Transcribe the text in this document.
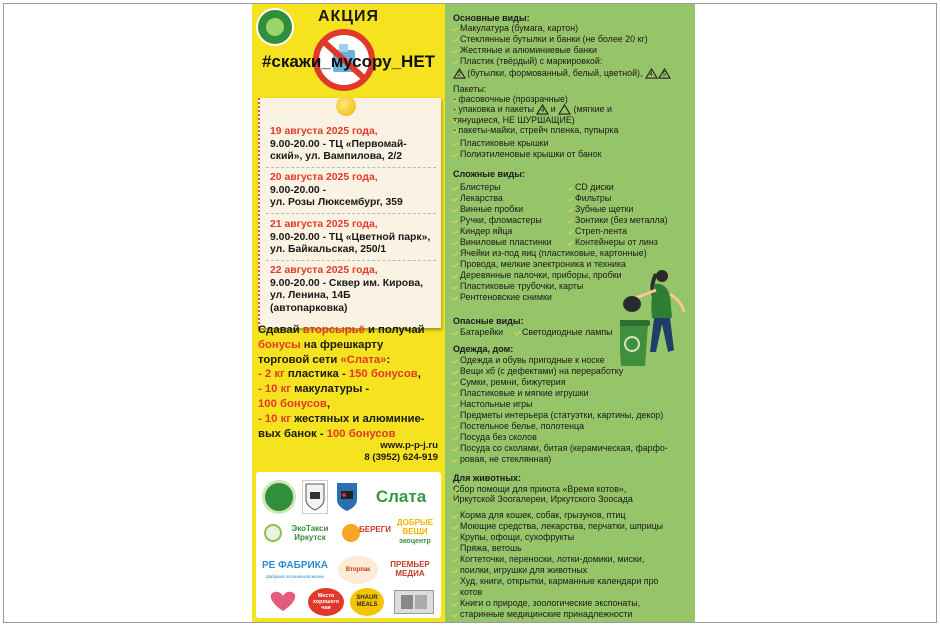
АКЦИЯ
#скажи_мусору_НЕТ
19 августа 2025 года,
9.00-20.00 - ТЦ «Первомай-
ский», ул. Вампилова, 2/2
20 августа 2025 года,
9.00-20.00 -
ул. Розы Люксембург, 359
21 августа 2025 года,
9.00-20.00 - ТЦ «Цветной парк»,
ул. Байкальская, 250/1
22 августа 2025 года,
9.00-20.00 - Сквер им. Кирова,
ул. Ленина, 14Б
(автопарковка)
Сдавай вторсырьё и получай
бонусы на фрешкарту
торговой сети «Слата»:
- 2 кг пластика - 150 бонусов,
- 10 кг макулатуры -
100 бонусов,
- 10 кг жестяных и алюминие-
вых банок - 100 бонусов
www.p-p-j.ru
8 (3952) 624-919
Слата
ЭкоТакси Иркутск
БЕРЕГИ
ДОБРЫЕ ВЕЩИ
экоцентр
РЕ ФАБРИКА
фабрика осознанной жизни
Вторпак
ПРЕМЬЕР МЕДИА
Место хорошего чая
SHAUR MEALS
Основные виды:
Макулатура (бумага, картон)
Стеклянные бутылки и банки (не более 20 кг)
Жестяные и алюминиевые банки
Пластик (твёрдый) с маркировкой:
2 (бутылки, формованный, белый, цветной), 4 5
Пакеты:
- фасовочные (прозрачные)
- упаковка и пакеты 4 и (мягкие и
тянущиеся, НЕ ШУРШАЩИЕ)
- пакеты-майки, стрейч пленка, пупырка
Пластиковые крышки
Полиэтиленовые крышки от банок
Сложные виды:
Блистеры
Лекарства
Винные пробки
Ручки, фломастеры
Киндер яйца
Виниловые пластинки
CD диски
Фильтры
Зубные щетки
Зонтики (без металла)
Стреп-лента
Контейнеры от линз
Ячейки из-под яиц (пластиковые, картонные)
Провода, мелкие электроника и техника
Деревянные палочки, приборы, пробки
Пластиковые трубочки, карты
Рентгеновские снимки
Опасные виды:
Батарейки	Светодиодные лампы
Одежда, дом:
Одежда и обувь пригодные к носке
Вещи хб (с дефектами) на переработку
Сумки, ремни, бижутерия
Пластиковые и мягкие игрушки
Настольные игры
Предметы интерьера (статуэтки, картины, декор)
Постельное белье, полотенца
Посуда без сколов
Посуда со сколами, битая (керамическая, фарфо-
ровая, не стеклянная)
Для животных:
Сбор помощи для приюта «Время котов»,
Иркутской Зоогалереи, Иркутского Зоосада
Корма для кошек, собак, грызунов, птиц
Моющие средства, лекарства, перчатки, шприцы
Крупы, офощи, сухофрукты
Пряжа, ветошь
Когтеточки, переноски, лотки-домики, миски,
поилки, игрушки для животных
Худ, книги, открытки, карманные календари про
котов
Книги о природе, зоологические экспонаты,
старинные медицинские принадлежности
